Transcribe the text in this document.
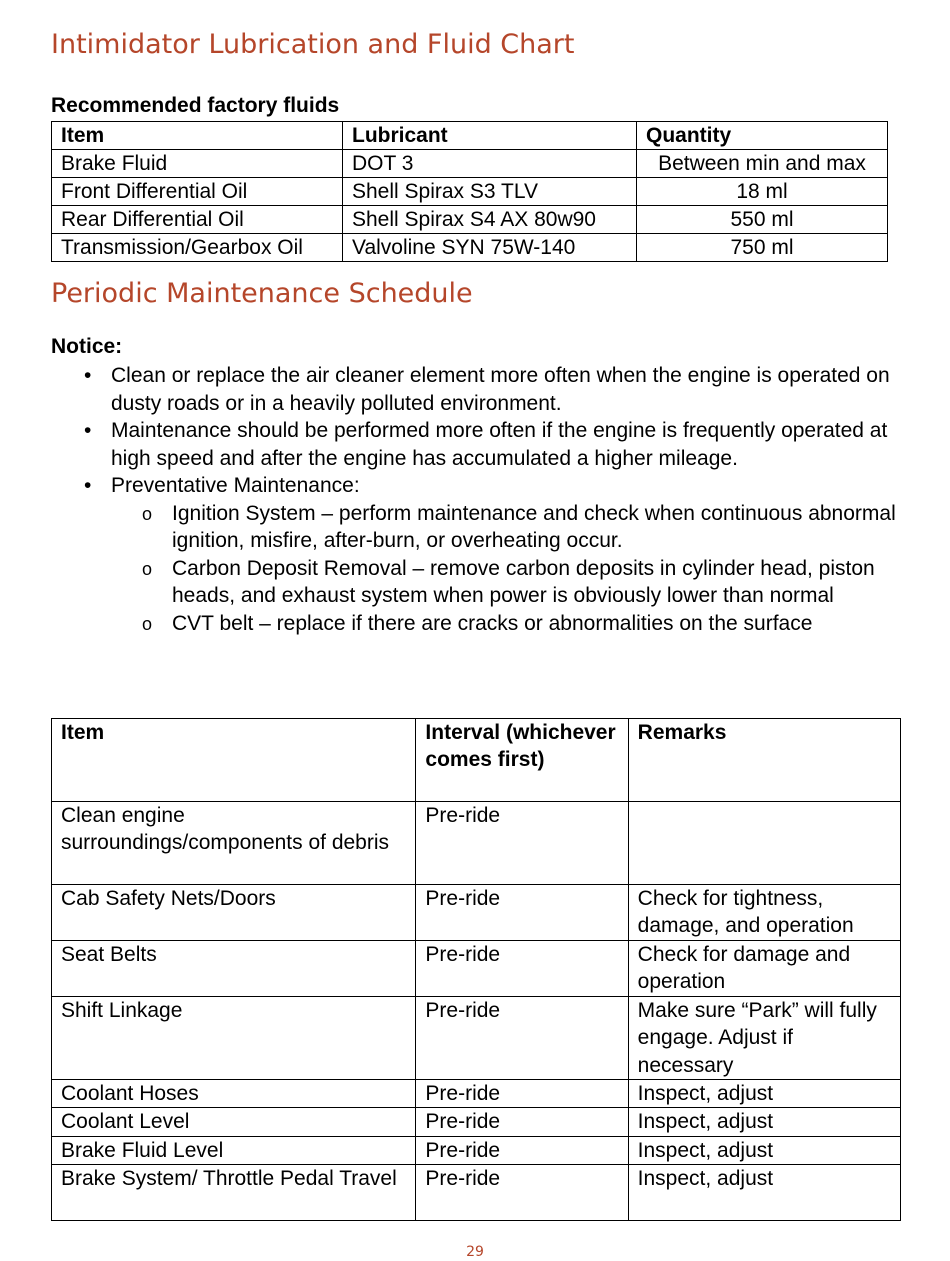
Intimidator Lubrication and Fluid Chart

Recommended factory fluids

Item	Lubricant	Quantity
Brake Fluid	DOT 3	Between min and max
Front Differential Oil	Shell Spirax S3 TLV	18 ml
Rear Differential Oil	Shell Spirax S4 AX 80w90	550 ml
Transmission/Gearbox Oil	Valvoline SYN 75W-140	750 ml
Periodic Maintenance Schedule

Notice:

• Clean or replace the air cleaner element more often when the engine is operated on dusty roads or in a heavily polluted environment.
• Maintenance should be performed more often if the engine is frequently operated at high speed and after the engine has accumulated a higher mileage.
• Preventative Maintenance:
o Ignition System – perform maintenance and check when continuous abnormal ignition, misfire, after-burn, or overheating occur.
o Carbon Deposit Removal – remove carbon deposits in cylinder head, piston heads, and exhaust system when power is obviously lower than normal
o CVT belt – replace if there are cracks or abnormalities on the surface
Item	Interval (whichever comes first)	Remarks
Clean engine surroundings/components of debris	Pre-ride	
Cab Safety Nets/Doors	Pre-ride	Check for tightness, damage, and operation
Seat Belts	Pre-ride	Check for damage and operation
Shift Linkage	Pre-ride	Make sure “Park” will fully engage. Adjust if necessary
Coolant Hoses	Pre-ride	Inspect, adjust
Coolant Level	Pre-ride	Inspect, adjust
Brake Fluid Level	Pre-ride	Inspect, adjust
Brake System/ Throttle Pedal Travel	Pre-ride	Inspect, adjust
29
